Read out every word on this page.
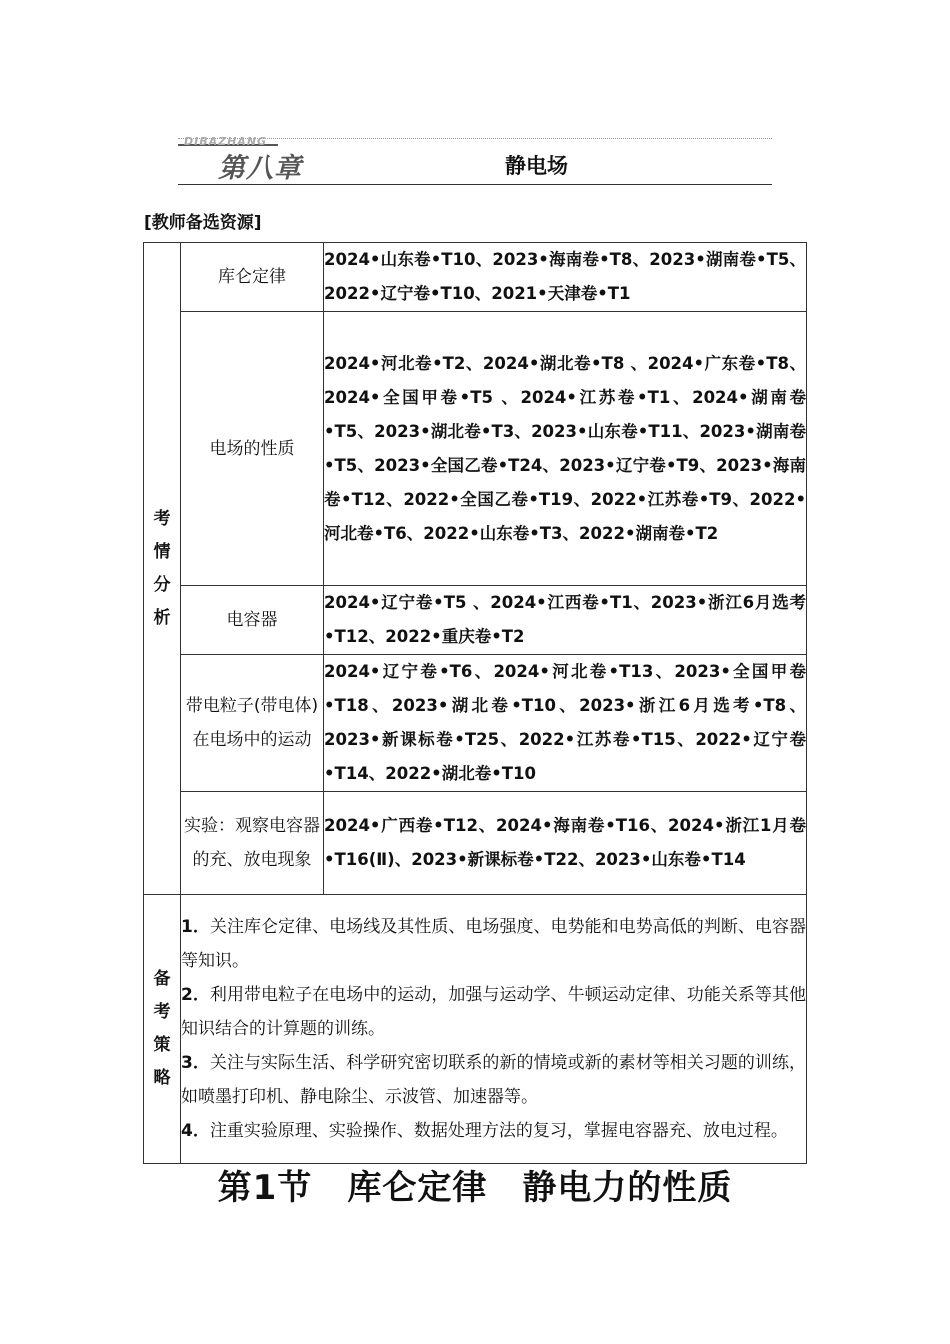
DIBAZHANG
第八章	静电场
[教师备选资源]
考
情
分
析	库仑定律	2024•山东卷•T10、2023•海南卷•T8、2023•湖南卷•T5、2022•辽宁卷•T10、2021•天津卷•T1
	电场的性质	2024•河北卷•T2、2024•湖北卷•T8 、2024•广东卷•T8、2024•全国甲卷•T5 、2024•江苏卷•T1、2024•湖南卷•T5、2023•湖北卷•T3、2023•山东卷•T11、2023•湖南卷•T5、2023•全国乙卷•T24、2023•辽宁卷•T9、2023•海南卷•T12、2022•全国乙卷•T19、2022•江苏卷•T9、2022•河北卷•T6、2022•山东卷•T3、2022•湖南卷•T2
	电容器	2024•辽宁卷•T5 、2024•江西卷•T1、2023•浙江6月选考•T12、2022•重庆卷•T2
	带电粒子(带电体)在电场中的运动	2024•辽宁卷•T6、2024•河北卷•T13、2023•全国甲卷•T18、2023•湖北卷•T10、2023•浙江6月选考•T8、2023•新课标卷•T25、2022•江苏卷•T15、2022•辽宁卷•T14、2022•湖北卷•T10
	实验：观察电容器的充、放电现象	2024•广西卷•T12、2024•海南卷•T16、2024•浙江1月卷•T16(Ⅱ)、2023•新课标卷•T22、2023•山东卷•T14
备
考
策
略	1．关注库仑定律、电场线及其性质、电场强度、电势能和电势高低的判断、电容器等知识。
2．利用带电粒子在电场中的运动，加强与运动学、牛顿运动定律、功能关系等其他知识结合的计算题的训练。
3．关注与实际生活、科学研究密切联系的新的情境或新的素材等相关习题的训练，如喷墨打印机、静电除尘、示波管、加速器等。
4．注重实验原理、实验操作、数据处理方法的复习，掌握电容器充、放电过程。	
第1节　库仑定律　静电力的性质
